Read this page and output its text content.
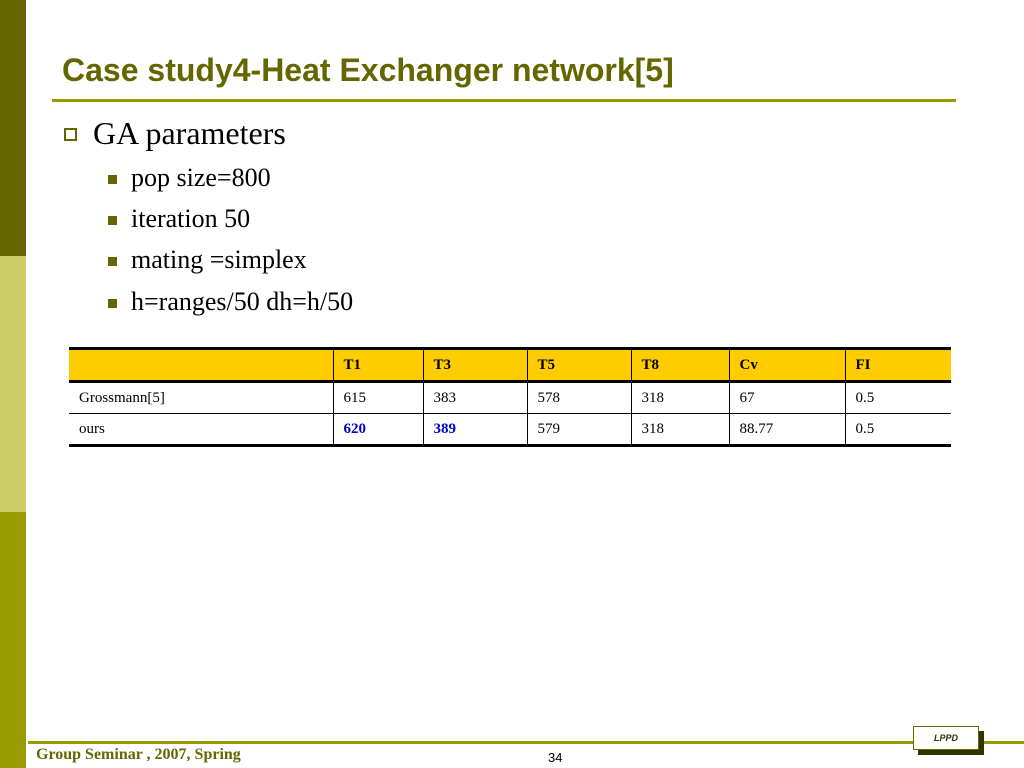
Case study4-Heat Exchanger network[5]
GA parameters
pop size=800
iteration 50
mating =simplex
h=ranges/50 dh=h/50
	T1	T3	T5	T8	Cv	FI
Grossmann[5]	615	383	578	318	67	0.5
ours	620	389	579	318	88.77	0.5
Group Seminar , 2007, Spring	34
LPPD
